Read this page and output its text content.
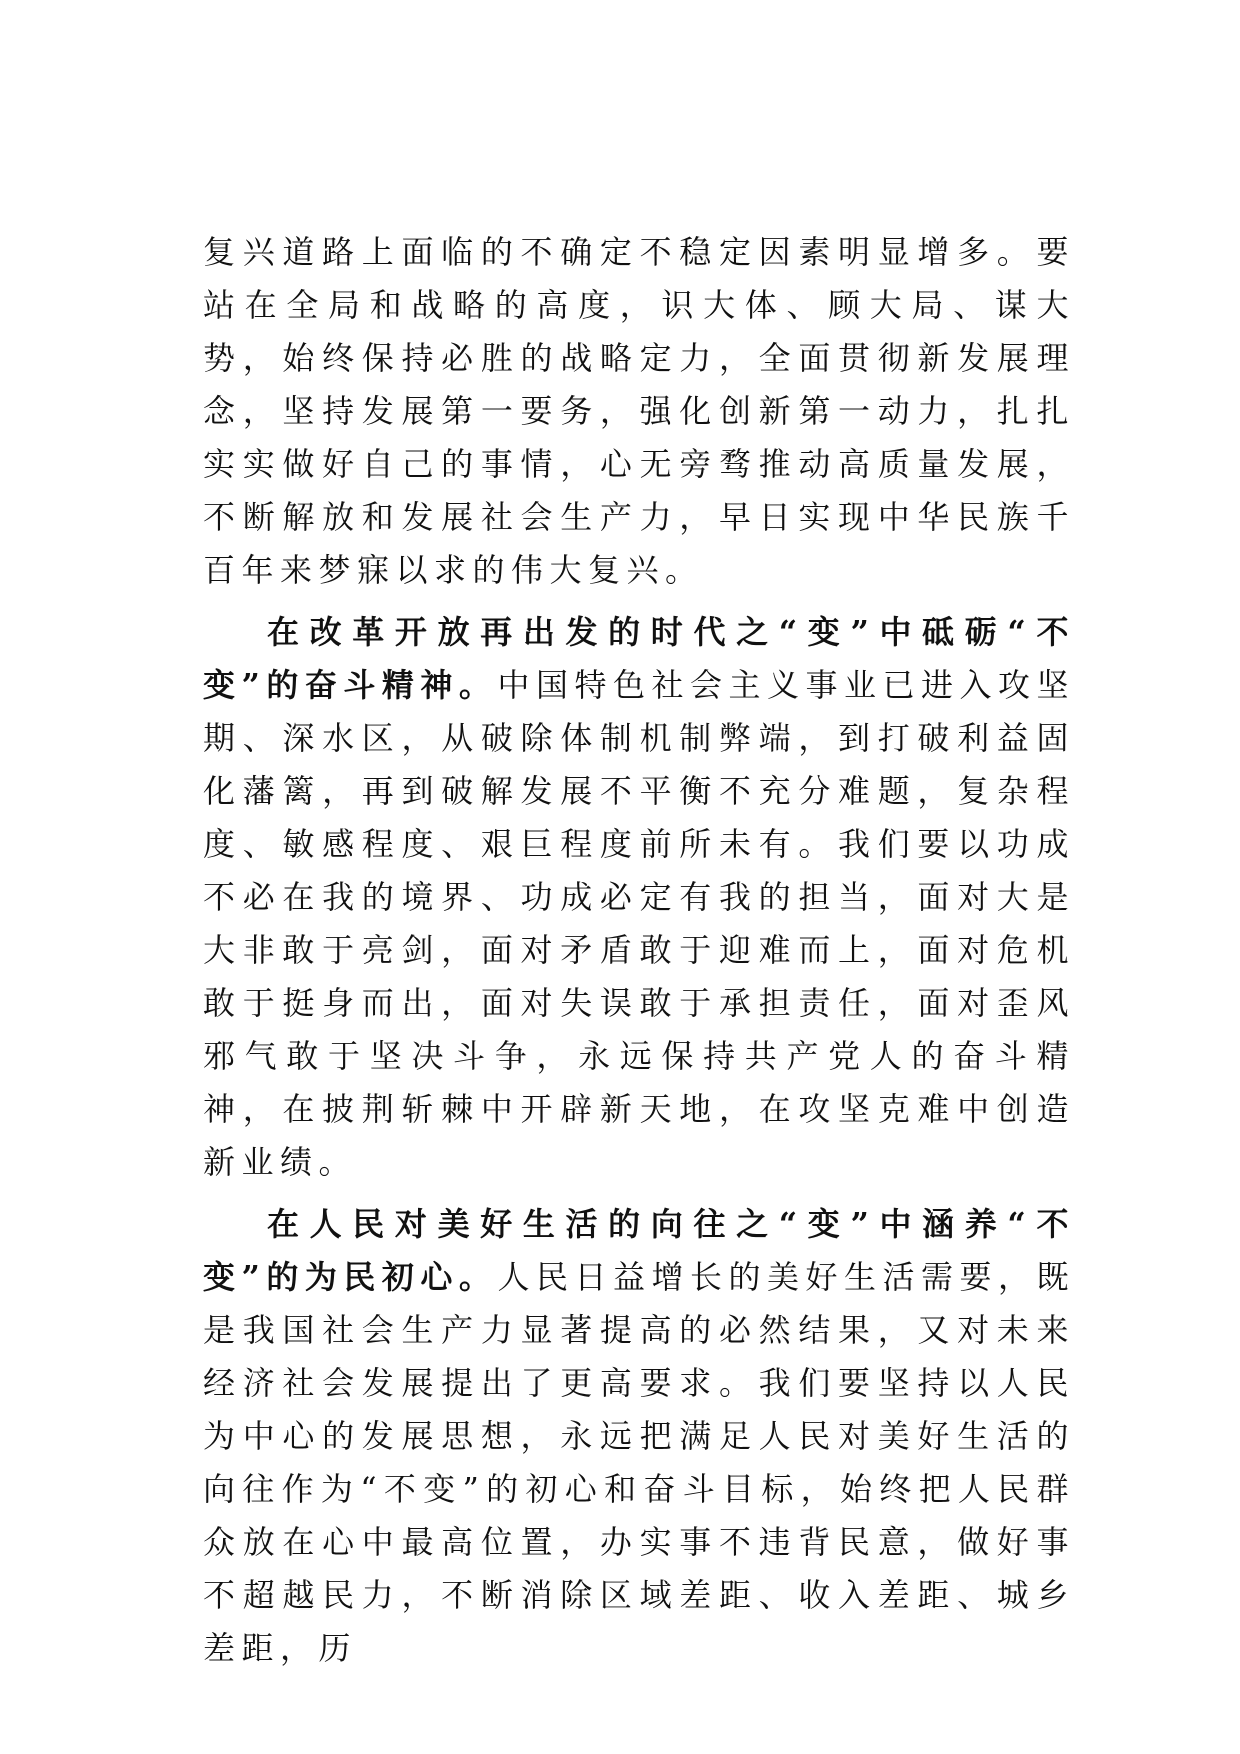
复兴道路上面临的不确定不稳定因素明显增多。要站在全局和战略的高度，识大体、顾大局、谋大势，始终保持必胜的战略定力，全面贯彻新发展理念，坚持发展第一要务，强化创新第一动力，扎扎实实做好自己的事情，心无旁骛推动高质量发展，不断解放和发展社会生产力，早日实现中华民族千百年来梦寐以求的伟大复兴。

在改革开放再出发的时代之“变”中砥砺“不变”的奋斗精神。中国特色社会主义事业已进入攻坚期、深水区，从破除体制机制弊端，到打破利益固化藩篱，再到破解发展不平衡不充分难题，复杂程度、敏感程度、艰巨程度前所未有。我们要以功成不必在我的境界、功成必定有我的担当，面对大是大非敢于亮剑，面对矛盾敢于迎难而上，面对危机敢于挺身而出，面对失误敢于承担责任，面对歪风邪气敢于坚决斗争，永远保持共产党人的奋斗精神，在披荆斩棘中开辟新天地，在攻坚克难中创造新业绩。

在人民对美好生活的向往之“变”中涵养“不变”的为民初心。人民日益增长的美好生活需要，既是我国社会生产力显著提高的必然结果，又对未来经济社会发展提出了更高要求。我们要坚持以人民为中心的发展思想，永远把满足人民对美好生活的向往作为“不变”的初心和奋斗目标，始终把人民群众放在心中最高位置，办实事不违背民意，做好事不超越民力，不断消除区域差距、收入差距、城乡差距，历
